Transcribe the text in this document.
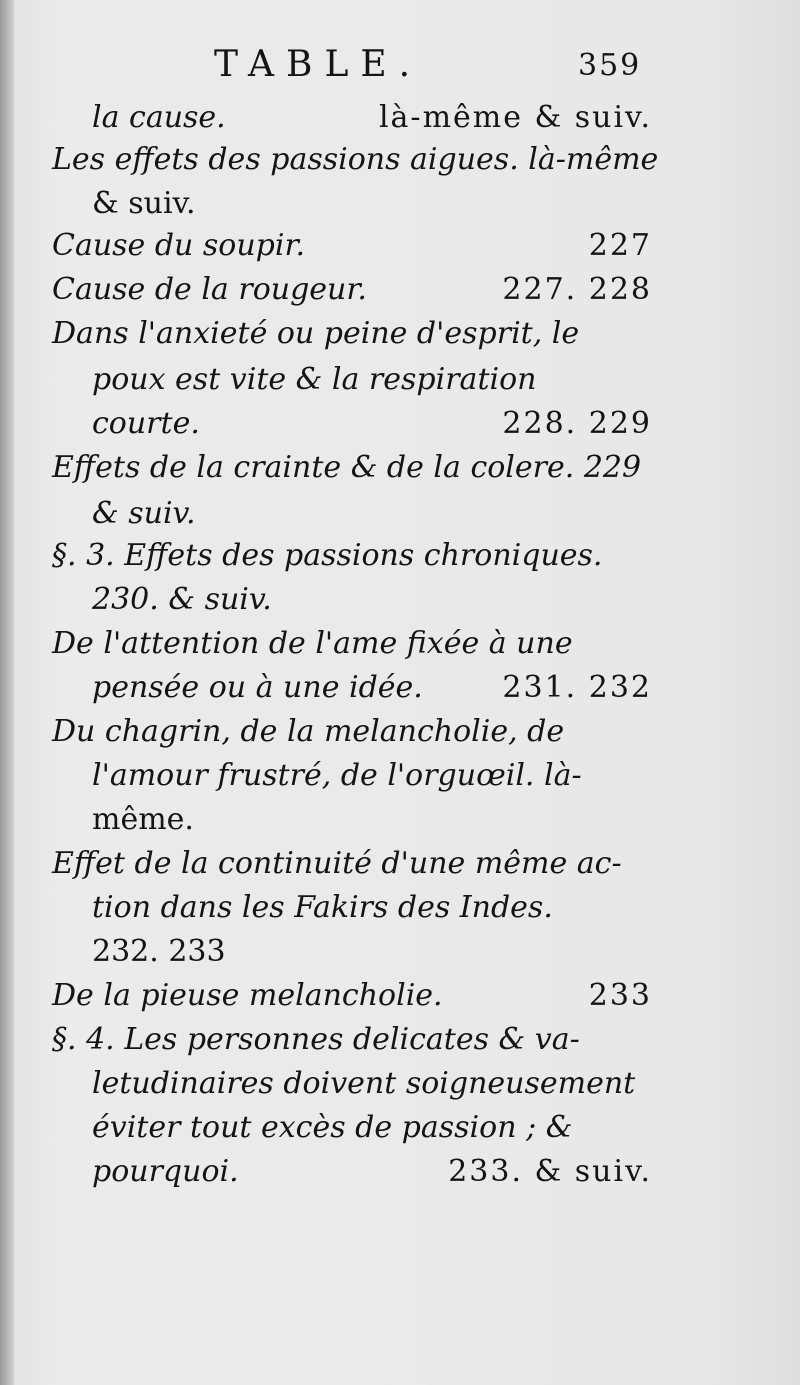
TABLE.	359
la cause.	là-même & suiv.
Les effets des passions aigues. là-même
& suiv.
Cause du soupir.	227
Cause de la rougeur.	227. 228
Dans l'anxieté ou peine d'esprit, le
poux est vite & la respiration
courte.	228. 229
Effets de la crainte & de la colere. 229
& suiv.
§. 3. Effets des passions chroniques.
230. & suiv.
De l'attention de l'ame fixée à une
pensée ou à une idée.	231. 232
Du chagrin, de la melancholie, de
l'amour frustré, de l'orguœil. là-
même.
Effet de la continuité d'une même ac-
tion dans les Fakirs des Indes.
232. 233
De la pieuse melancholie.	233
§. 4. Les personnes delicates & va-
letudinaires doivent soigneusement
éviter tout excès de passion ; &
pourquoi.	233. & suiv.
